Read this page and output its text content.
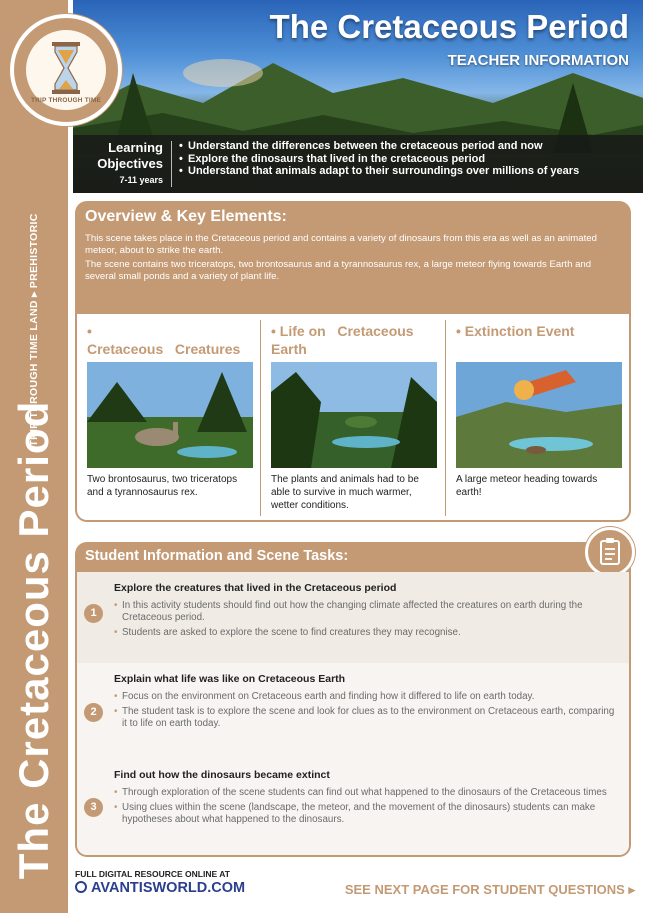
TRIP THROUGH TIME LAND ▸ PREHISTORIC
The Cretaceous Period
The Cretaceous Period
TEACHER INFORMATION
Learning
Objectives
7-11 years
• Understand the differences between the cretaceous period and now
• Explore the dinosaurs that lived in the cretaceous period
• Understand that animals adapt to their surroundings over millions of years
TRIP THROUGH TIME
Overview & Key Elements:
This scene takes place in the Cretaceous period and contains a variety of dinosaurs from this era as well as an animated meteor, about to strike the earth.
The scene contains two triceratops, two brontosaurus and a tyrannosaurus rex, a large meteor flying towards Earth and several small ponds and a variety of plant life.
• Cretaceous   Creatures
Two brontosaurus, two triceratops and a tyrannosaurus rex.
• Life on   Cretaceous Earth
The plants and animals had to be able to survive in much warmer, wetter conditions.
• Extinction Event
A large meteor heading towards earth!
Student Information and Scene Tasks:
1
Explore the creatures that lived in the Cretaceous period
• In this activity students should find out how the changing climate affected the creatures on earth during the Cretaceous period.
• Students are asked to explore the scene to find creatures they may recognise.
2
Explain what life was like on Cretaceous Earth
• Focus on the environment on Cretaceous earth and finding how it differed to life on earth today.
• The student task is to explore the scene and look for clues as to the environment on Cretaceous earth, comparing it to life on earth today.
3
Find out how the dinosaurs became extinct
• Through exploration of the scene students can find out what happened to the dinosaurs of the Cretaceous times
• Using clues within the scene (landscape, the meteor, and the movement of the dinosaurs) students can make hypotheses about what happened to the dinosaurs.
FULL DIGITAL RESOURCE ONLINE AT
AVANTISWORLD.COM	SEE NEXT PAGE FOR STUDENT QUESTIONS ▸
